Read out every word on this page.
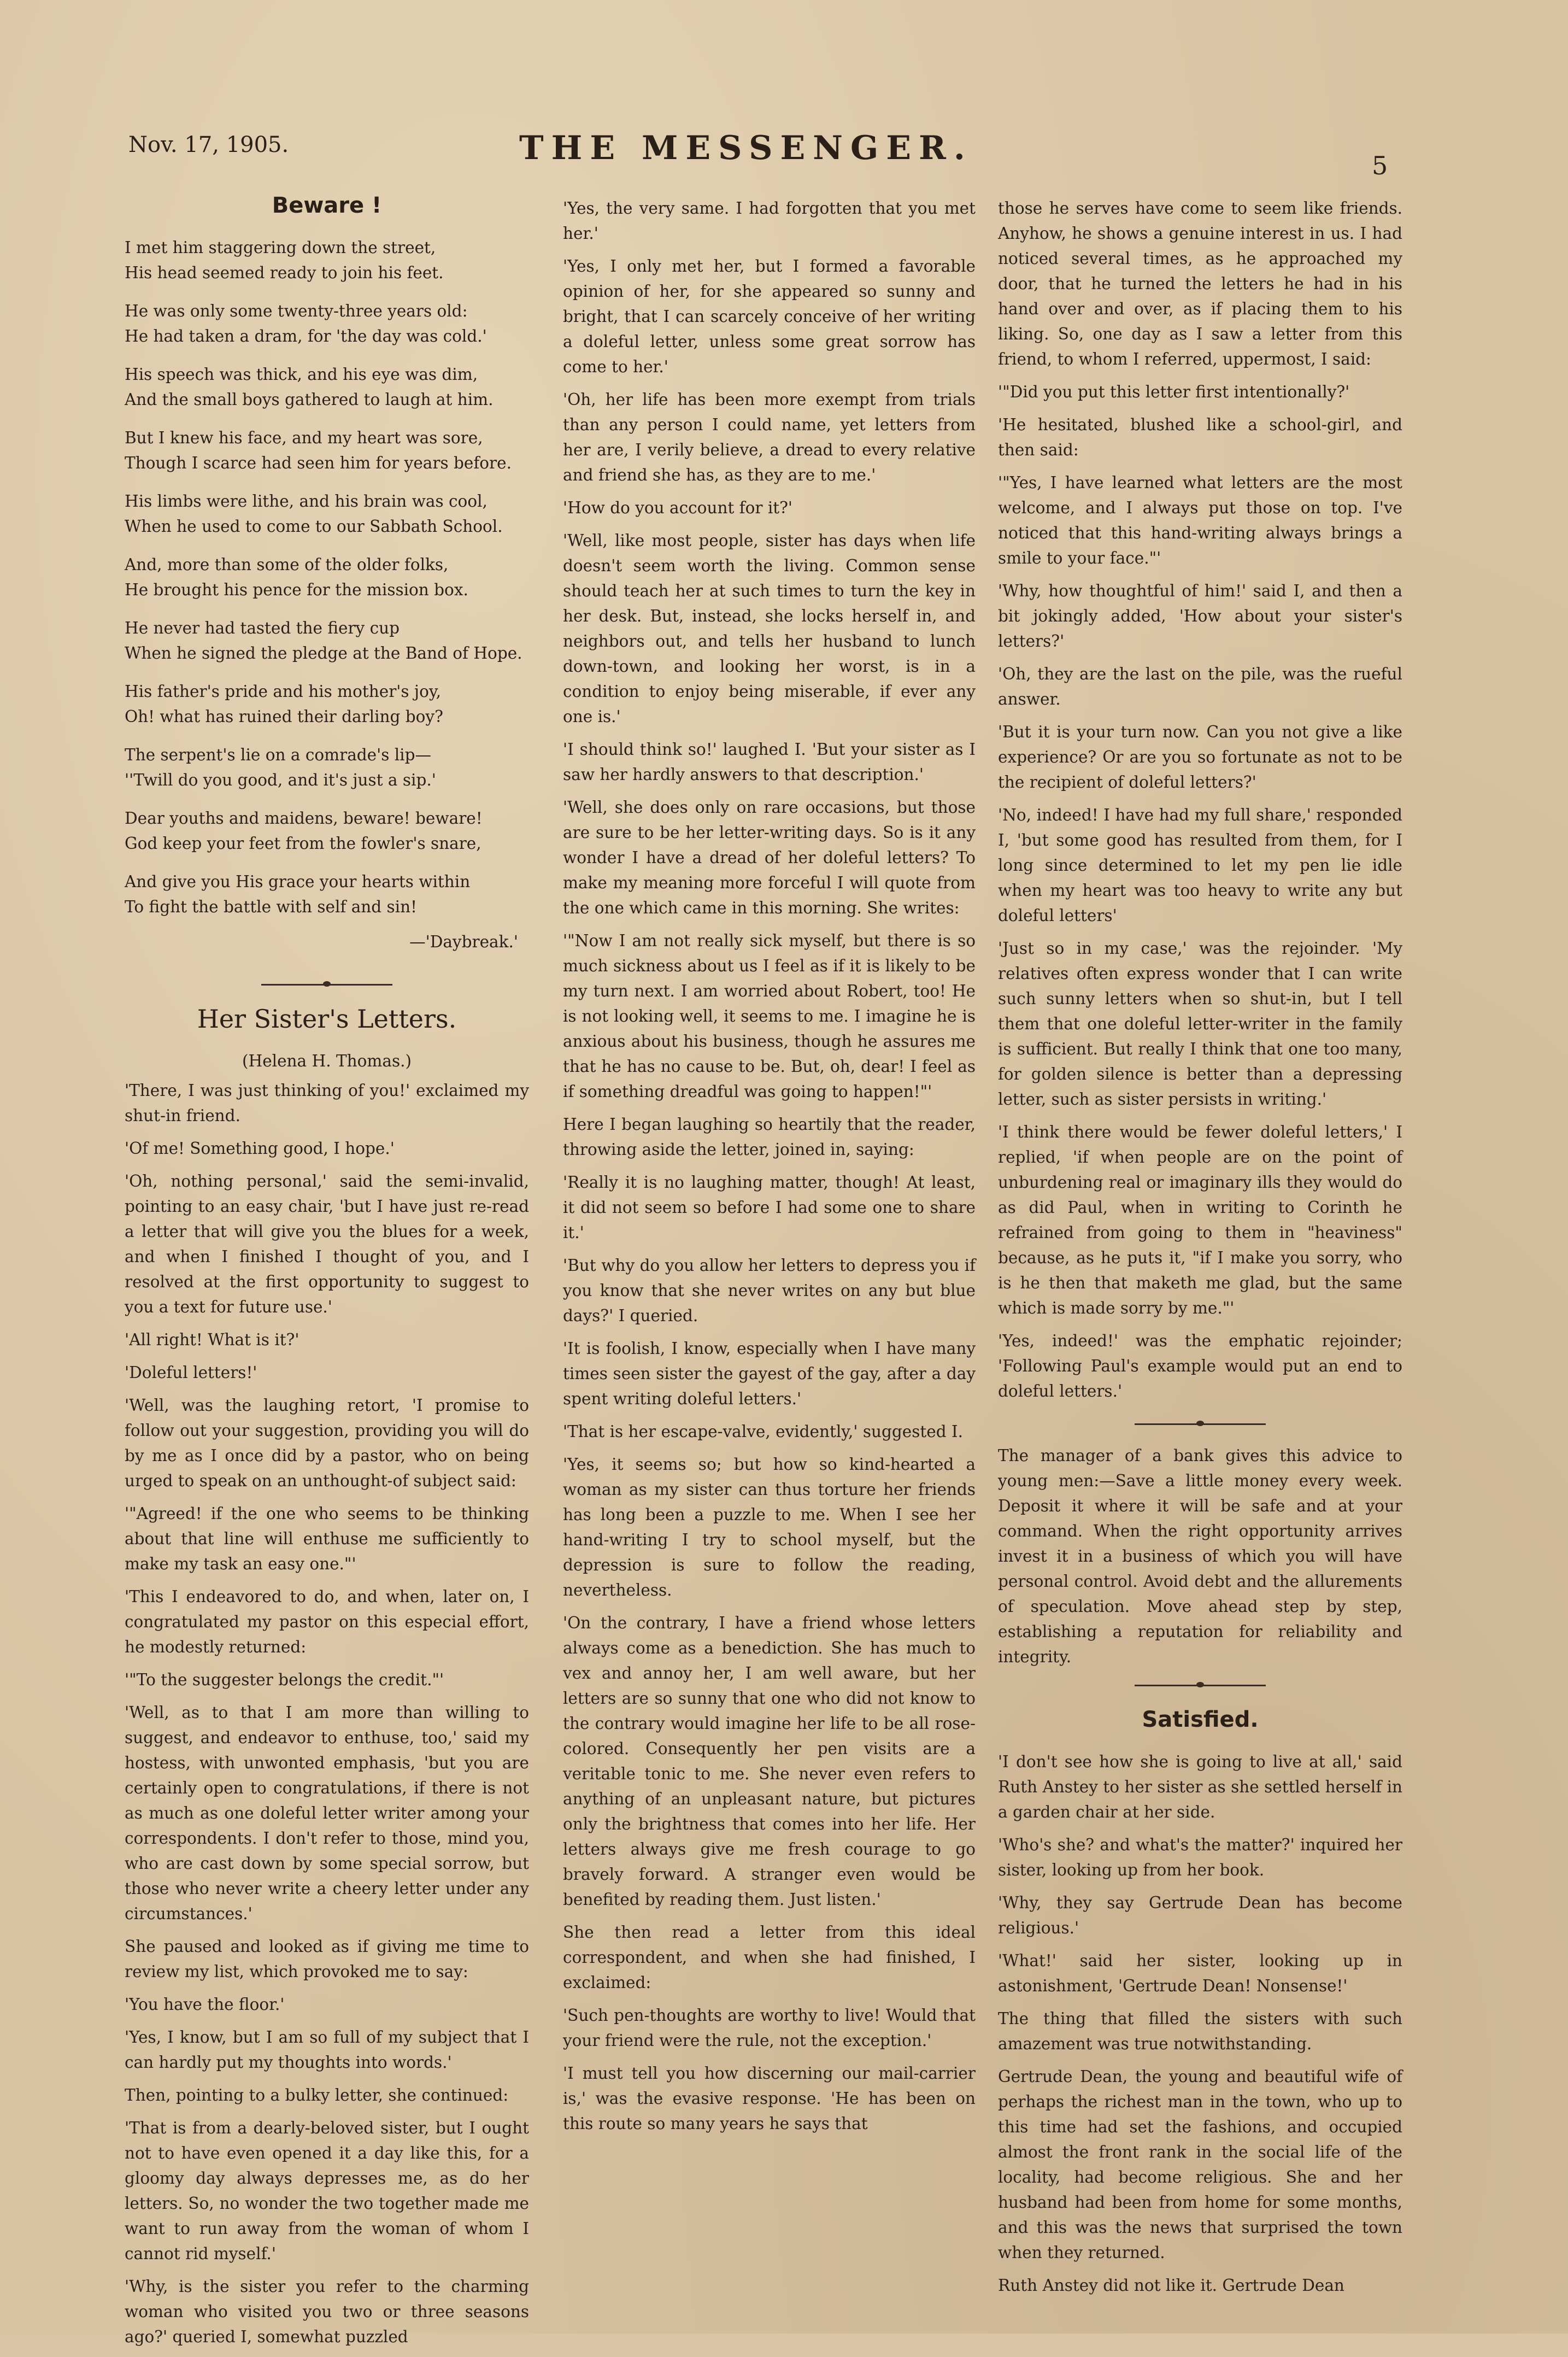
Nov. 17, 1905.	THE MESSENGER.	5
Beware !
I met him staggering down the street,
His head seemed ready to join his feet.
He was only some twenty-three years old:
He had taken a dram, for 'the day was cold.'
His speech was thick, and his eye was dim,
And the small boys gathered to laugh at him.
But I knew his face, and my heart was sore,
Though I scarce had seen him for years before.
His limbs were lithe, and his brain was cool,
When he used to come to our Sabbath School.
And, more than some of the older folks,
He brought his pence for the mission box.
He never had tasted the fiery cup
When he signed the pledge at the Band of Hope.
His father's pride and his mother's joy,
Oh! what has ruined their darling boy?
The serpent's lie on a comrade's lip—
''Twill do you good, and it's just a sip.'
Dear youths and maidens, beware! beware!
God keep your feet from the fowler's snare,
And give you His grace your hearts within
To fight the battle with self and sin!
—'Daybreak.'
Her Sister's Letters.
(Helena H. Thomas.)

'There, I was just thinking of you!' exclaimed my shut-in friend.

'Of me! Something good, I hope.'

'Oh, nothing personal,' said the semi-invalid, pointing to an easy chair, 'but I have just re-read a letter that will give you the blues for a week, and when I finished I thought of you, and I resolved at the first opportunity to suggest to you a text for future use.'

'All right! What is it?'

'Doleful letters!'

'Well, was the laughing retort, 'I promise to follow out your suggestion, providing you will do by me as I once did by a pastor, who on being urged to speak on an unthought-of subject said:

'"Agreed! if the one who seems to be thinking about that line will enthuse me sufficiently to make my task an easy one."'

'This I endeavored to do, and when, later on, I congratulated my pastor on this especial effort, he modestly returned:

'"To the suggester belongs the credit."'

'Well, as to that I am more than willing to suggest, and endeavor to enthuse, too,' said my hostess, with unwonted emphasis, 'but you are certainly open to congratulations, if there is not as much as one doleful letter writer among your correspondents. I don't refer to those, mind you, who are cast down by some special sorrow, but those who never write a cheery letter under any circumstances.'

She paused and looked as if giving me time to review my list, which provoked me to say:

'You have the floor.'

'Yes, I know, but I am so full of my subject that I can hardly put my thoughts into words.'

Then, pointing to a bulky letter, she continued:

'That is from a dearly-beloved sister, but I ought not to have even opened it a day like this, for a gloomy day always depresses me, as do her letters. So, no wonder the two together made me want to run away from the woman of whom I cannot rid myself.'

'Why, is the sister you refer to the charming woman who visited you two or three seasons ago?' queried I, somewhat puzzled

'Yes, the very same. I had forgotten that you met her.'

'Yes, I only met her, but I formed a favorable opinion of her, for she appeared so sunny and bright, that I can scarcely conceive of her writing a doleful letter, unless some great sorrow has come to her.'

'Oh, her life has been more exempt from trials than any person I could name, yet letters from her are, I verily believe, a dread to every relative and friend she has, as they are to me.'

'How do you account for it?'

'Well, like most people, sister has days when life doesn't seem worth the living. Common sense should teach her at such times to turn the key in her desk. But, instead, she locks herself in, and neighbors out, and tells her husband to lunch down-town, and looking her worst, is in a condition to enjoy being miserable, if ever any one is.'

'I should think so!' laughed I. 'But your sister as I saw her hardly answers to that description.'

'Well, she does only on rare occasions, but those are sure to be her letter-writing days. So is it any wonder I have a dread of her doleful letters? To make my meaning more forceful I will quote from the one which came in this morning. She writes:

'"Now I am not really sick myself, but there is so much sickness about us I feel as if it is likely to be my turn next. I am worried about Robert, too! He is not looking well, it seems to me. I imagine he is anxious about his business, though he assures me that he has no cause to be. But, oh, dear! I feel as if something dreadful was going to happen!"'

Here I began laughing so heartily that the reader, throwing aside the letter, joined in, saying:

'Really it is no laughing matter, though! At least, it did not seem so before I had some one to share it.'

'But why do you allow her letters to depress you if you know that she never writes on any but blue days?' I queried.

'It is foolish, I know, especially when I have many times seen sister the gayest of the gay, after a day spent writing doleful letters.'

'That is her escape-valve, evidently,' suggested I.

'Yes, it seems so; but how so kind-hearted a woman as my sister can thus torture her friends has long been a puzzle to me. When I see her hand-writing I try to school myself, but the depression is sure to follow the reading, nevertheless.

'On the contrary, I have a friend whose letters always come as a benediction. She has much to vex and annoy her, I am well aware, but her letters are so sunny that one who did not know to the contrary would imagine her life to be all rose-colored. Consequently her pen visits are a veritable tonic to me. She never even refers to anything of an unpleasant nature, but pictures only the brightness that comes into her life. Her letters always give me fresh courage to go bravely forward. A stranger even would be benefited by reading them. Just listen.'

She then read a letter from this ideal correspondent, and when she had finished, I exclaimed:

'Such pen-thoughts are worthy to live! Would that your friend were the rule, not the exception.'

'I must tell you how discerning our mail-carrier is,' was the evasive response. 'He has been on this route so many years he says that

those he serves have come to seem like friends. Anyhow, he shows a genuine interest in us. I had noticed several times, as he approached my door, that he turned the letters he had in his hand over and over, as if placing them to his liking. So, one day as I saw a letter from this friend, to whom I referred, uppermost, I said:

'"Did you put this letter first intentionally?'

'He hesitated, blushed like a school-girl, and then said:

'"Yes, I have learned what letters are the most welcome, and I always put those on top. I've noticed that this hand-writing always brings a smile to your face."'

'Why, how thoughtful of him!' said I, and then a bit jokingly added, 'How about your sister's letters?'

'Oh, they are the last on the pile, was the rueful answer.

'But it is your turn now. Can you not give a like experience? Or are you so fortunate as not to be the recipient of doleful letters?'

'No, indeed! I have had my full share,' responded I, 'but some good has resulted from them, for I long since determined to let my pen lie idle when my heart was too heavy to write any but doleful letters'

'Just so in my case,' was the rejoinder. 'My relatives often express wonder that I can write such sunny letters when so shut-in, but I tell them that one doleful letter-writer in the family is sufficient. But really I think that one too many, for golden silence is better than a depressing letter, such as sister persists in writing.'

'I think there would be fewer doleful letters,' I replied, 'if when people are on the point of unburdening real or imaginary ills they would do as did Paul, when in writing to Corinth he refrained from going to them in "heaviness" because, as he puts it, "if I make you sorry, who is he then that maketh me glad, but the same which is made sorry by me."'

'Yes, indeed!' was the emphatic rejoinder; 'Following Paul's example would put an end to doleful letters.'

The manager of a bank gives this advice to young men:—Save a little money every week. Deposit it where it will be safe and at your command. When the right opportunity arrives invest it in a business of which you will have personal control. Avoid debt and the allurements of speculation. Move ahead step by step, establishing a reputation for reliability and integrity.

Satisfied.

'I don't see how she is going to live at all,' said Ruth Anstey to her sister as she settled herself in a garden chair at her side.

'Who's she? and what's the matter?' inquired her sister, looking up from her book.

'Why, they say Gertrude Dean has become religious.'

'What!' said her sister, looking up in astonishment, 'Gertrude Dean! Nonsense!'

The thing that filled the sisters with such amazement was true notwithstanding.

Gertrude Dean, the young and beautiful wife of perhaps the richest man in the town, who up to this time had set the fashions, and occupied almost the front rank in the social life of the locality, had become religious. She and her husband had been from home for some months, and this was the news that surprised the town when they returned.

Ruth Anstey did not like it. Gertrude Dean
